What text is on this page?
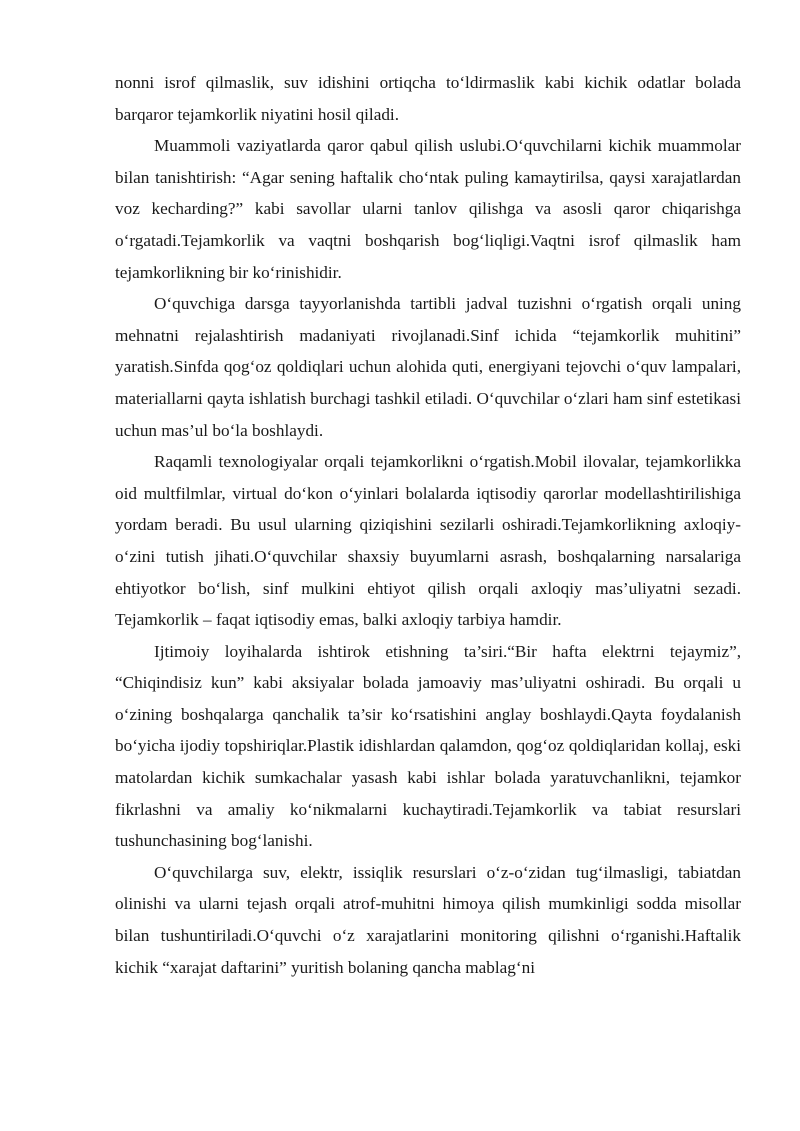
nonni isrof qilmaslik, suv idishini ortiqcha to‘ldirmaslik kabi kichik odatlar bolada barqaror tejamkorlik niyatini hosil qiladi.

Muammoli vaziyatlarda qaror qabul qilish uslubi.O‘quvchilarni kichik muammolar bilan tanishtirish: “Agar sening haftalik cho‘ntak puling kamaytirilsa, qaysi xarajatlardan voz kecharding?” kabi savollar ularni tanlov qilishga va asosli qaror chiqarishga o‘rgatadi.Tejamkorlik va vaqtni boshqarish bog‘liqligi.Vaqtni isrof qilmaslik ham tejamkorlikning bir ko‘rinishidir.

O‘quvchiga darsga tayyorlanishda tartibli jadval tuzishni o‘rgatish orqali uning mehnatni rejalashtirish madaniyati rivojlanadi.Sinf ichida “tejamkorlik muhitini” yaratish.Sinfda qog‘oz qoldiqlari uchun alohida quti, energiyani tejovchi o‘quv lampalari, materiallarni qayta ishlatish burchagi tashkil etiladi. O‘quvchilar o‘zlari ham sinf estetikasi uchun mas’ul bo‘la boshlaydi.

Raqamli texnologiyalar orqali tejamkorlikni o‘rgatish.Mobil ilovalar, tejamkorlikka oid multfilmlar, virtual do‘kon o‘yinlari bolalarda iqtisodiy qarorlar modellashtirilishiga yordam beradi. Bu usul ularning qiziqishini sezilarli oshiradi.Tejamkorlikning axloqiy-o‘zini tutish jihati.O‘quvchilar shaxsiy buyumlarni asrash, boshqalarning narsalariga ehtiyotkor bo‘lish, sinf mulkini ehtiyot qilish orqali axloqiy mas’uliyatni sezadi. Tejamkorlik – faqat iqtisodiy emas, balki axloqiy tarbiya hamdir.

Ijtimoiy loyihalarda ishtirok etishning ta’siri.“Bir hafta elektrni tejaymiz”, “Chiqindisiz kun” kabi aksiyalar bolada jamoaviy mas’uliyatni oshiradi. Bu orqali u o‘zining boshqalarga qanchalik ta’sir ko‘rsatishini anglay boshlaydi.Qayta foydalanish bo‘yicha ijodiy topshiriqlar.Plastik idishlardan qalamdon, qog‘oz qoldiqlaridan kollaj, eski matolardan kichik sumkachalar yasash kabi ishlar bolada yaratuvchanlikni, tejamkor fikrlashni va amaliy ko‘nikmalarni kuchaytiradi.Tejamkorlik va tabiat resurslari tushunchasining bog‘lanishi.

O‘quvchilarga suv, elektr, issiqlik resurslari o‘z-o‘zidan tug‘ilmasligi, tabiatdan olinishi va ularni tejash orqali atrof-muhitni himoya qilish mumkinligi sodda misollar bilan tushuntiriladi.O‘quvchi o‘z xarajatlarini monitoring qilishni o‘rganishi.Haftalik kichik “xarajat daftarini” yuritish bolaning qancha mablag‘ni
